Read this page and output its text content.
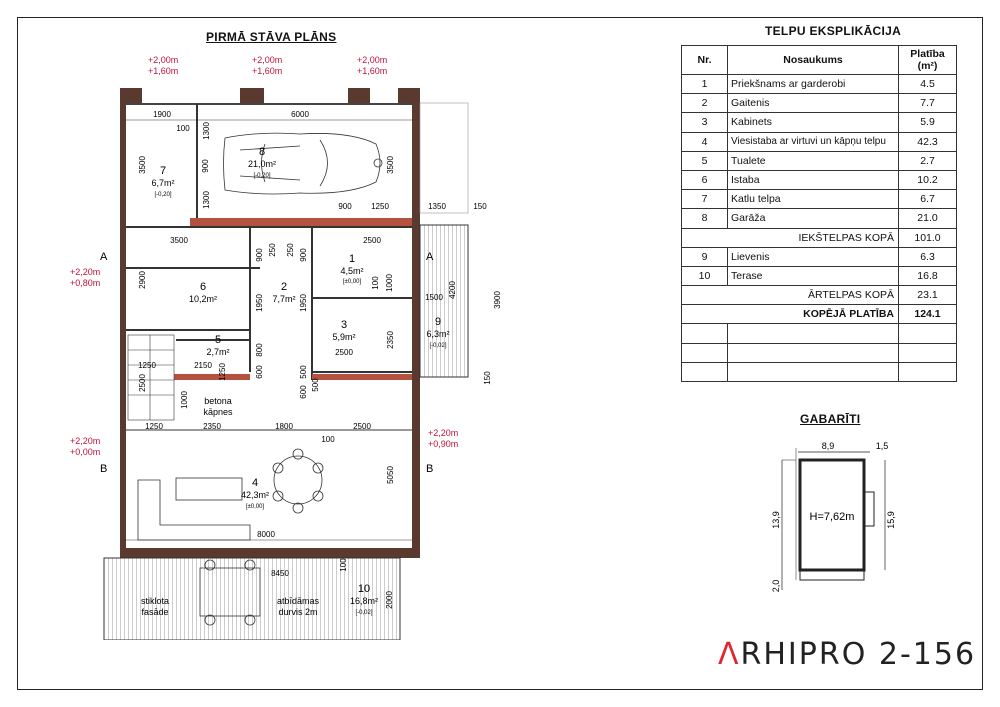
PIRMĀ STĀVA PLĀNS	TELPU EKSPLIKĀCIJA
Nr.	Nosaukums	Platība (m²)
1	Priekšnams ar garderobi	4.5
2	Gaitenis	7.7
3	Kabinets	5.9
4	Viesistaba ar virtuvi un kāpņu telpu	42.3
5	Tualete	2.7
6	Istaba	10.2
7	Katlu telpa	6.7
8	Garāža	21.0
IEKŠTELPAS KOPĀ		101.0
9	Lievenis	6.3
10	Terase	16.8
ĀRTELPAS KOPĀ		23.1
KOPĒJĀ PLATĪBA		124.1

GABARĪTI
8,9	1,5
13,9	15,9
2,0
H=7,62m
ΛRHIPRO 2-156
+2,00m
+1,60m
+2,00m
+1,60m
+2,00m
+1,60m
+2,20m
+0,80m
+2,20m
+0,00m
+2,20m
+0,90m
A	A
B	B
8
21,0m²
[-0,20]
7
6,7m²
[-0,20]
6
10,2m²
2
7,7m²
1
4,5m²
[±0,00]
3
5,9m²
9
6,3m²
[-0,02]
5
2,7m²
4
42,3m²
[±0,00]
10
16,8m²
[-0,02]
betona
kāpnes
stiklota
fasāde
atbīdāmas
durvis 2m
1900	6000
100 1300
3500	900
1300
3500
900 1250	1350	150
3500	2500
900 250 250 900
2900
1950	1950
100 1000
1500 4200
3900
2350
2500
800
1250	2150	600	500	150
2500
600
500
1000
1250	2350	1800	2500
100
5050
8000
8450
100
2000
1250
